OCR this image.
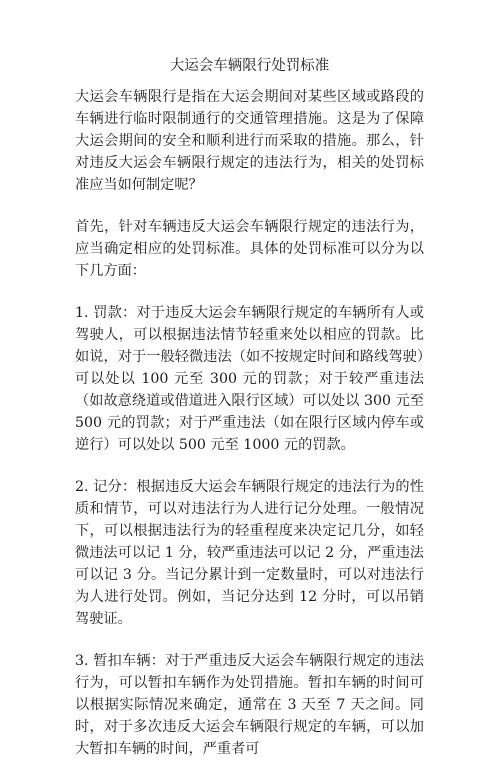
大运会车辆限行处罚标准

大运会车辆限行是指在大运会期间对某些区域或路段的车辆进行临时限制通行的交通管理措施。这是为了保障大运会期间的安全和顺利进行而采取的措施。那么，针对违反大运会车辆限行规定的违法行为，相关的处罚标准应当如何制定呢？

首先，针对车辆违反大运会车辆限行规定的违法行为，应当确定相应的处罚标准。具体的处罚标准可以分为以下几方面：

1. 罚款：对于违反大运会车辆限行规定的车辆所有人或驾驶人，可以根据违法情节轻重来处以相应的罚款。比如说，对于一般轻微违法（如不按规定时间和路线驾驶）可以处以 100 元至 300 元的罚款；对于较严重违法（如故意绕道或借道进入限行区域）可以处以 300 元至 500 元的罚款；对于严重违法（如在限行区域内停车或逆行）可以处以 500 元至 1000 元的罚款。

2. 记分：根据违反大运会车辆限行规定的违法行为的性质和情节，可以对违法行为人进行记分处理。一般情况下，可以根据违法行为的轻重程度来决定记几分，如轻微违法可以记 1 分，较严重违法可以记 2 分，严重违法可以记 3 分。当记分累计到一定数量时，可以对违法行为人进行处罚。例如，当记分达到 12 分时，可以吊销驾驶证。

3. 暂扣车辆：对于严重违反大运会车辆限行规定的违法行为，可以暂扣车辆作为处罚措施。暂扣车辆的时间可以根据实际情况来确定，通常在 3 天至 7 天之间。同时，对于多次违反大运会车辆限行规定的车辆，可以加大暂扣车辆的时间，严重者可
